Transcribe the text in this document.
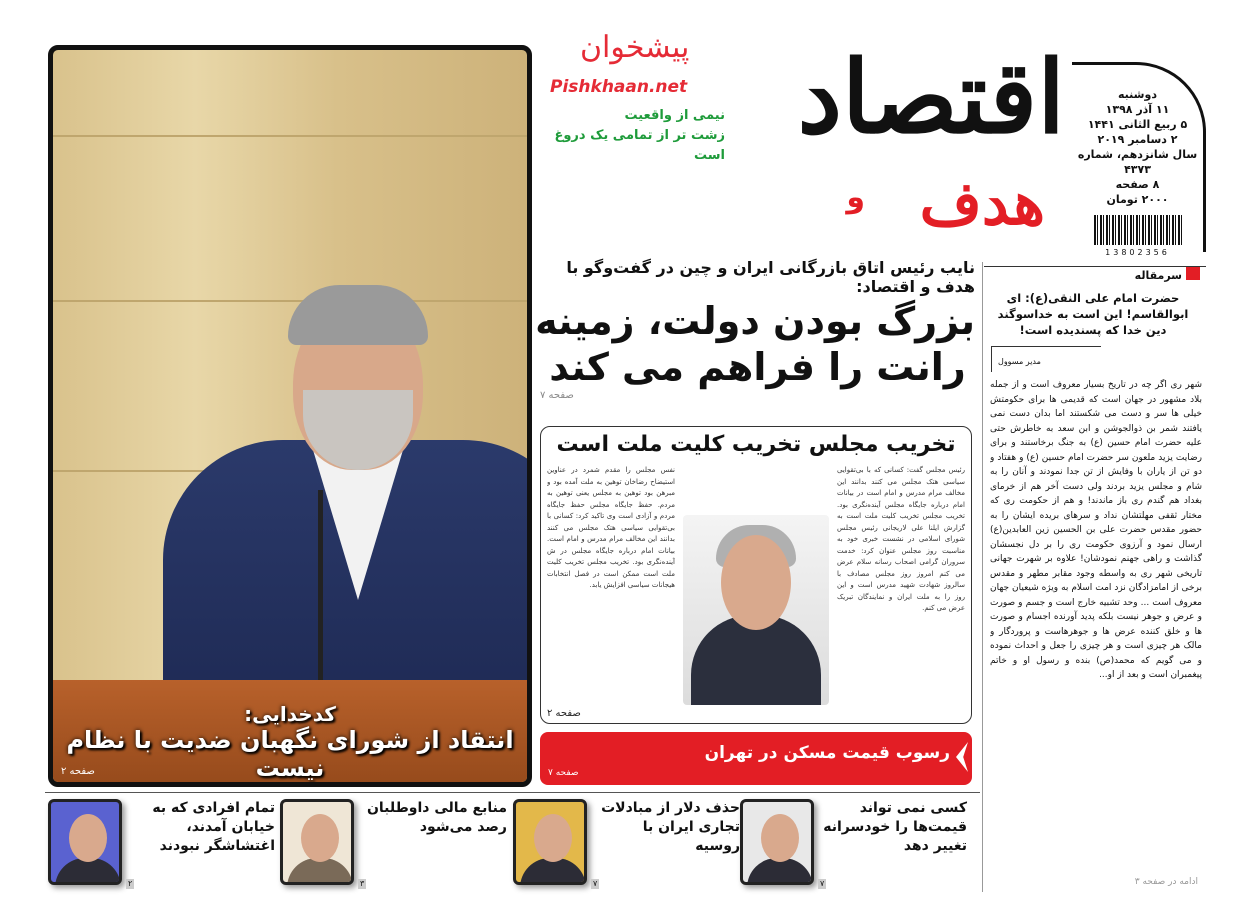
کدخدایی:
انتقاد از شورای نگهبان ضدیت با نظام نیست
صفحه ۲
اقتصاد
هدف
و
نیمی از واقعیت
زشت تر از تمامی یک دروغ است
پیشخوان
Pishkhaan.net	دوشنبه
۱۱ آذر ۱۳۹۸
۵ ربیع الثانی ۱۴۴۱
۲ دسامبر ۲۰۱۹
سال شانزدهم، شماره ۴۳۷۳
۸ صفحه
۲۰۰۰ تومان
13802356
نایب رئیس اتاق بازرگانی ایران و چین در گفت‌وگو با هدف و اقتصاد:
بزرگ بودن دولت، زمینه
رانت را فراهم می کند
صفحه ۷
تخریب مجلس تخریب کلیت ملت است
رئیس مجلس گفت: کسانی که با بی‌تقوایی سیاسی هتک مجلس می کنند بدانند این مخالف مرام مدرس و امام است در بیانات امام درباره جایگاه مجلس آینده‌نگری بود. تخریب مجلس تخریب کلیت ملت است به گزارش ایلنا علی لاریجانی رئیس مجلس شورای اسلامی در نشست خبری خود به مناسبت روز مجلس عنوان کرد: خدمت سروران گرامی اصحاب رسانه سلام عرض می کنم امروز روز مجلس مصادف با سالروز شهادت شهید مدرس است و این روز را به ملت ایران و نمایندگان تبریک عرض می کنم.
نفس مجلس را مقدم شمرد در عناوین استیضاح رضاخان توهین به ملت آمده بود و مبرهن بود توهین به مجلس یعنی توهین به مردم. حفظ جایگاه مجلس حفظ جایگاه مردم و آزادی است وی تاکید کرد: کسانی با بی‌تقوایی سیاسی هتک مجلس می کنند بدانند این مخالف مرام مدرس و امام است. بیانات امام درباره جایگاه مجلس در ش آینده‌نگری بود. تخریب مجلس تخریب کلیت ملت است ممکن است در فصل انتخابات هیجانات سیاسی افزایش یابد.
صفحه ۲
رسوب قیمت مسکن در تهران
صفحه ۷
سرمقاله
حضرت امام علی النقی(ع): ای ابوالقاسم! این است به خداسوگند دین خدا که پسندیده است!
مدیر مسوول
شهر ری اگر چه در تاریخ بسیار معروف است و از جمله بلاد مشهور در جهان است که قدیمی ها برای حکومتش خیلی ها سر و دست می شکستند اما بدان دست نمی یافتند شمر بن ذوالجوشن و ابن سعد به خاطرش حتی علیه حضرت امام حسین (ع) به جنگ برخاستند و برای رضایت یزید ملعون سر حضرت امام حسین (ع) و هفتاد و دو تن از یاران با وفایش از تن جدا نمودند و آنان را به شام و مجلس یزید بردند ولی دست آخر هم از خرمای بغداد هم گندم ری باز ماندند! و هم از حکومت ری که مختار ثقفی مهلتشان نداد و سرهای بریده ایشان را به حضور مقدس حضرت علی بن الحسین زین العابدین(ع) ارسال نمود و آرزوی حکومت ری را بر دل نجسشان گذاشت و راهی جهنم نمودشان! علاوه بر شهرت جهانی تاریخی شهر ری به واسطه وجود مقابر مطهر و مقدس برخی از امامزادگان نزد امت اسلام به ویژه شیعیان جهان معروف است ... وحد تشبیه خارج است و جسم و صورت و عرض و جوهر نیست بلکه پدید آورنده اجسام و صورت ها و خلق کننده عرض ها و جوهرهاست و پروردگار و مالک هر چیزی است و هر چیزی را جعل و احداث نموده و می گویم که محمد(ص) بنده و رسول او و خاتم پیغمبران است و بعد از او...
ادامه در صفحه ۳
کسی نمی تواند قیمت‌ها را خودسرانه تغییر دهد
۷
حذف دلار از مبادلات تجاری ایران با روسیه
۷
منابع مالی داوطلبان رصد می‌شود
۳
تمام افرادی که به خیابان آمدند، اغتشاشگر نبودند
۲
